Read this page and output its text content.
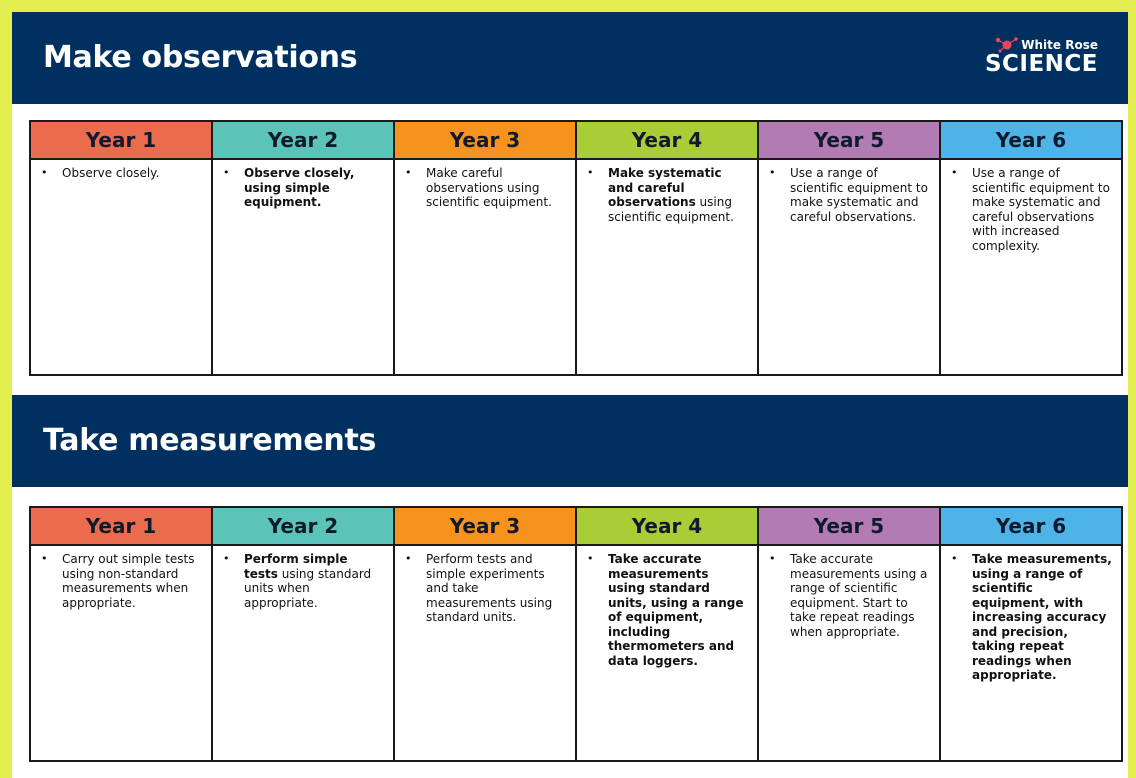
Make observations	White Rose
SCIENCE
Year 1	Year 2	Year 3	Year 4	Year 5	Year 6

• Observe closely.	• Observe closely, using simple equipment.	• Make careful observations using scientific equipment.	• Make systematic and careful observations using scientific equipment.	• Use a range of scientific equipment to make systematic and careful observations.	• Use a range of scientific equipment to make systematic and careful observations with increased complexity.
Take measurements
Year 1	Year 2	Year 3	Year 4	Year 5	Year 6

• Carry out simple tests using non-standard measurements when appropriate.	• Perform simple tests using standard units when appropriate.	• Perform tests and simple experiments and take measurements using standard units.	• Take accurate measurements using standard units, using a range of equipment, including thermometers and data loggers.	• Take accurate measurements using a range of scientific equipment. Start to take repeat readings when appropriate.	• Take measurements, using a range of scientific equipment, with increasing accuracy and precision, taking repeat readings when appropriate.
